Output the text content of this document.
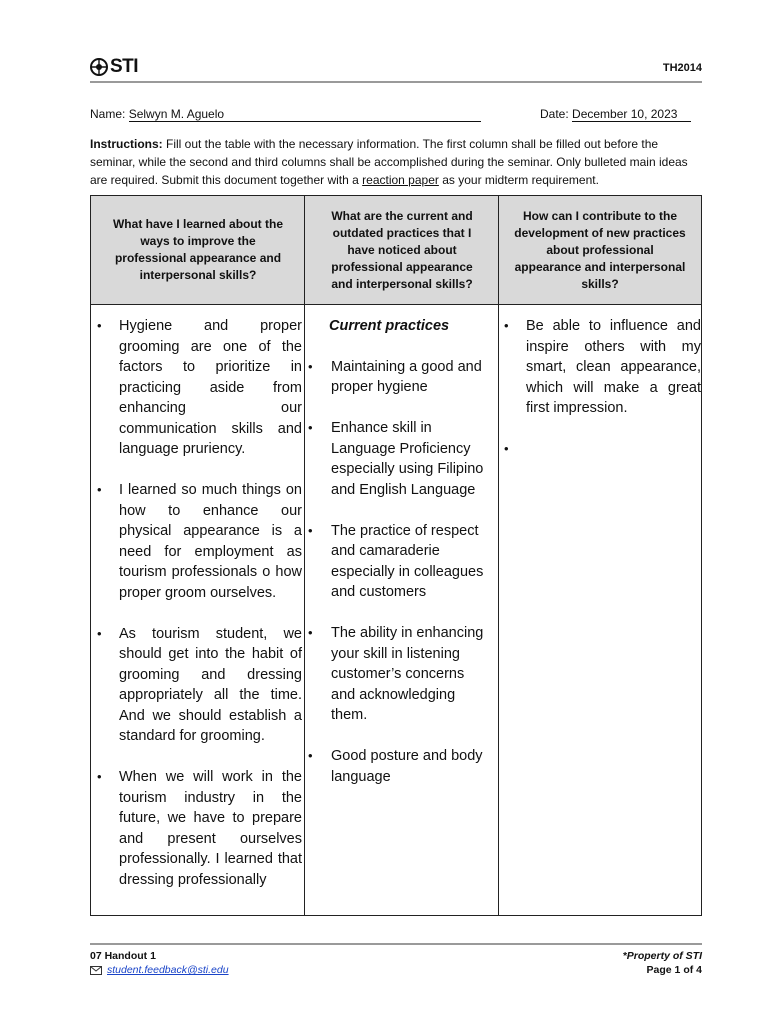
STI	TH2014
Name: Selwyn M. Aguelo	Date: December 10, 2023
Instructions: Fill out the table with the necessary information. The first column shall be filled out before the seminar, while the second and third columns shall be accomplished during the seminar. Only bulleted main ideas are required. Submit this document together with a reaction paper as your midterm requirement.
What have I learned about the ways to improve the professional appearance and interpersonal skills?
What are the current and outdated practices that I have noticed about professional appearance and interpersonal skills?
How can I contribute to the development of new practices about professional appearance and interpersonal skills?
• Hygiene and proper grooming are one of the factors to prioritize in practicing aside from enhancing our communication skills and language pruriency.
• I learned so much things on how to enhance our physical appearance is a need for employment as tourism professionals o how proper groom ourselves.
• As tourism student, we should get into the habit of grooming and dressing appropriately all the time. And we should establish a standard for grooming.
• When we will work in the tourism industry in the future, we have to prepare and present ourselves professionally. I learned that dressing professionally
Current practices
• Maintaining a good and proper hygiene
• Enhance skill in Language Proficiency especially using Filipino and English Language
• The practice of respect and camaraderie especially in colleagues and customers
• The ability in enhancing your skill in listening customer’s concerns and acknowledging them.
• Good posture and body language
• Be able to influence and inspire others with my smart, clean appearance, which will make a great first impression.
•
07 Handout 1
student.feedback@sti.edu
*Property of STI
Page 1 of 4
